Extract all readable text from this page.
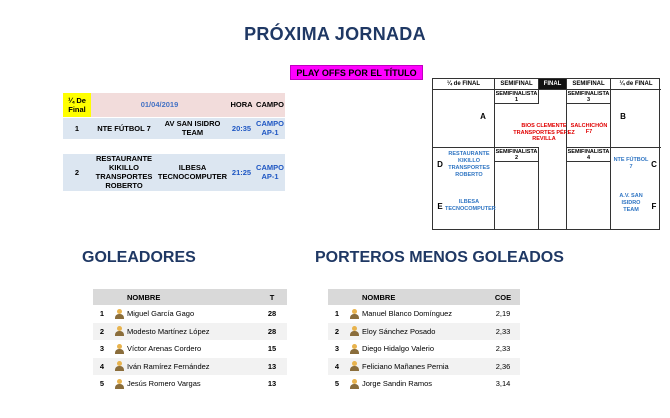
PRÓXIMA JORNADA
PLAY OFFS POR EL TÍTULO
¼ De
Final	01/04/2019		HORA	CAMPO
1	NTE FÚTBOL 7	AV SAN ISIDRO TEAM	20:35	CAMPO AP-1

2	RESTAURANTE KIKILLO TRANSPORTES ROBERTO	ILBESA TECNOCOMPUTER	21:25	CAMPO AP-1
¼ de FINAL	SEMIFINAL	FINAL	SEMIFINAL	¼ de FINAL
SEMIFINALISTA 1
BIOS CLEMENTE TRANSPORTES PÉREZ REVILLA
SEMIFINALISTA 2
SEMIFINALISTA 3
SALCHICHÓN F7
SEMIFINALISTA 4
A	B
D
E
C
F
RESTAURANTE KIKILLO TRANSPORTES ROBERTO
ILBESA TECNOCOMPUTER
NTE FÚTBOL 7
A.V. SAN ISIDRO TEAM
GOLEADORES
		NOMBRE	T
1		Miguel García Gago	28
2		Modesto Martínez López	28
3		Víctor Arenas Cordero	15
4		Iván Ramírez Fernández	13
5		Jesús Romero Vargas	13
PORTEROS MENOS GOLEADOS
		NOMBRE	COE
1		Manuel Blanco Domínguez	2,19
2		Eloy Sánchez Posado	2,33
3		Diego Hidalgo Valerio	2,33
4		Feliciano Mañanes Pernia	2,36
5		Jorge Sandin Ramos	3,14
